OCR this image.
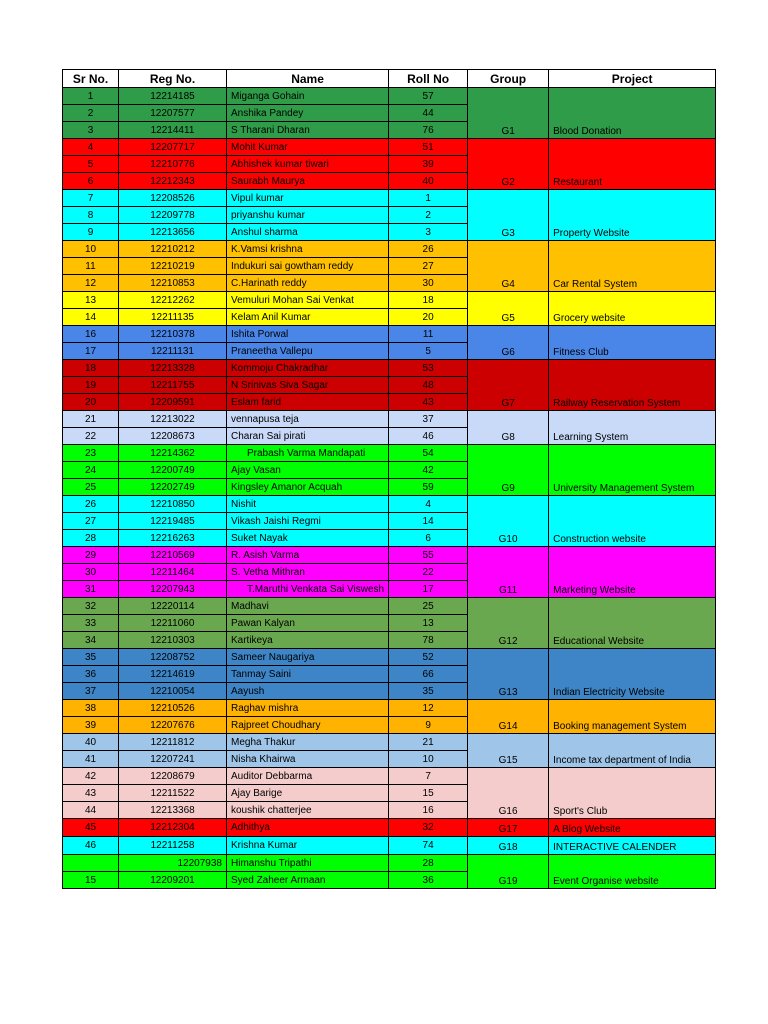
Sr No.	Reg No.	Name	Roll No	Group	Project
1	12214185	Miganga Gohain	57	G1	Blood Donation
2	12207577	Anshika Pandey	44		
3	12214411	S Tharani Dharan	76		
4	12207717	Mohit Kumar	51	G2	Restaurant
5	12210776	Abhishek kumar tiwari	39		
6	12212343	Saurabh Maurya	40		
7	12208526	Vipul kumar	1	G3	Property Website
8	12209778	priyanshu kumar	2		
9	12213656	Anshul sharma	3		
10	12210212	K.Vamsi krishna	26	G4	Car Rental System
11	12210219	Indukuri sai gowtham reddy	27		
12	12210853	C.Harinath reddy	30		
13	12212262	Vemuluri Mohan Sai Venkat	18	G5	Grocery website
14	12211135	Kelam Anil Kumar	20		
16	12210378	Ishita Porwal	11	G6	Fitness Club
17	12211131	Praneetha Vallepu	5		
18	12213328	Kommoju Chakradhar	53	G7	Railway Reservation System
19	12211755	N Srinivas Siva Sagar	48		
20	12209591	Eslam farid	43		
21	12213022	vennapusa teja	37	G8	Learning System
22	12208673	Charan Sai pirati	46		
23	12214362	Prabash Varma Mandapati	54	G9	University Management System
24	12200749	Ajay Vasan	42		
25	12202749	Kingsley Amanor Acquah	59		
26	12210850	Nishit	4	G10	Construction website
27	12219485	Vikash Jaishi Regmi	14		
28	12216263	Suket Nayak	6		
29	12210569	R. Asish Varma	55	G11	Marketing Website
30	12211464	S. Vetha Mithran	22		
31	12207943	T.Maruthi Venkata Sai Viswesh	17		
32	12220114	Madhavi	25	G12	Educational Website
33	12211060	Pawan Kalyan	13		
34	12210303	Kartikeya	78		
35	12208752	Sameer Naugariya	52	G13	Indian Electricity Website
36	12214619	Tanmay Saini	66		
37	12210054	Aayush	35		
38	12210526	Raghav mishra	12	G14	Booking management System
39	12207676	Rajpreet Choudhary	9		
40	12211812	Megha Thakur	21	G15	Income tax department of India
41	12207241	Nisha Khairwa	10		
42	12208679	Auditor Debbarma	7	G16	Sport's Club
43	12211522	Ajay Barige	15		
44	12213368	koushik chatterjee	16		
45	12212304	Adhithya	32	G17	A Blog Website
46	12211258	Krishna Kumar	74	G18	INTERACTIVE CALENDER
	12207938	Himanshu Tripathi	28	G19	Event Organise website
15	12209201	Syed Zaheer Armaan	36		
